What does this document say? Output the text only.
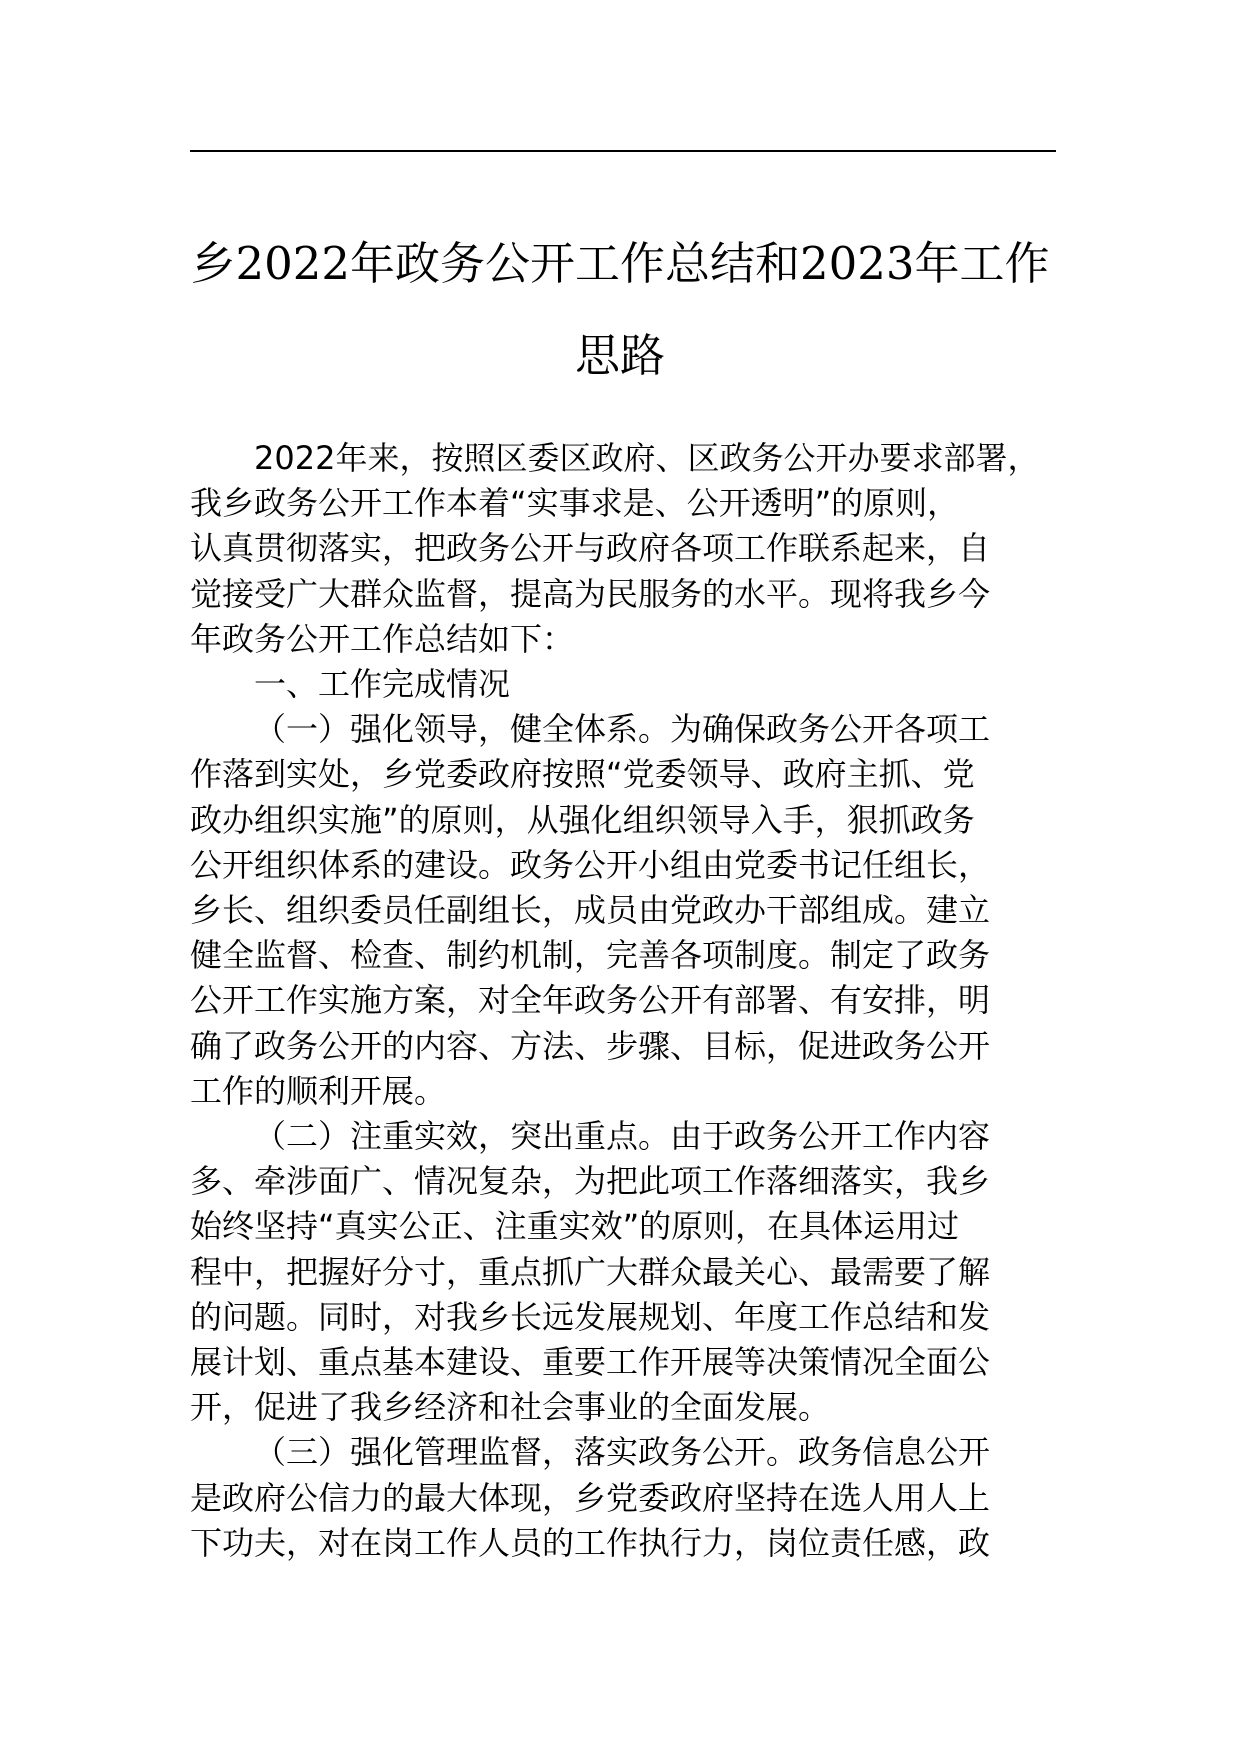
乡2022年政务公开工作总结和2023年工作
思路
2022年来，按照区委区政府、区政务公开办要求部署，
我乡政务公开工作本着“实事求是、公开透明”的原则，
认真贯彻落实，把政务公开与政府各项工作联系起来，自
觉接受广大群众监督，提高为民服务的水平。现将我乡今
年政务公开工作总结如下：
一、工作完成情况
（一）强化领导，健全体系。为确保政务公开各项工
作落到实处，乡党委政府按照“党委领导、政府主抓、党
政办组织实施”的原则，从强化组织领导入手，狠抓政务
公开组织体系的建设。政务公开小组由党委书记任组长，
乡长、组织委员任副组长，成员由党政办干部组成。建立
健全监督、检查、制约机制，完善各项制度。制定了政务
公开工作实施方案，对全年政务公开有部署、有安排，明
确了政务公开的内容、方法、步骤、目标，促进政务公开
工作的顺利开展。
（二）注重实效，突出重点。由于政务公开工作内容
多、牵涉面广、情况复杂，为把此项工作落细落实，我乡
始终坚持“真实公正、注重实效”的原则，在具体运用过
程中，把握好分寸，重点抓广大群众最关心、最需要了解
的问题。同时，对我乡长远发展规划、年度工作总结和发
展计划、重点基本建设、重要工作开展等决策情况全面公
开，促进了我乡经济和社会事业的全面发展。
（三）强化管理监督，落实政务公开。政务信息公开
是政府公信力的最大体现，乡党委政府坚持在选人用人上
下功夫，对在岗工作人员的工作执行力，岗位责任感，政
